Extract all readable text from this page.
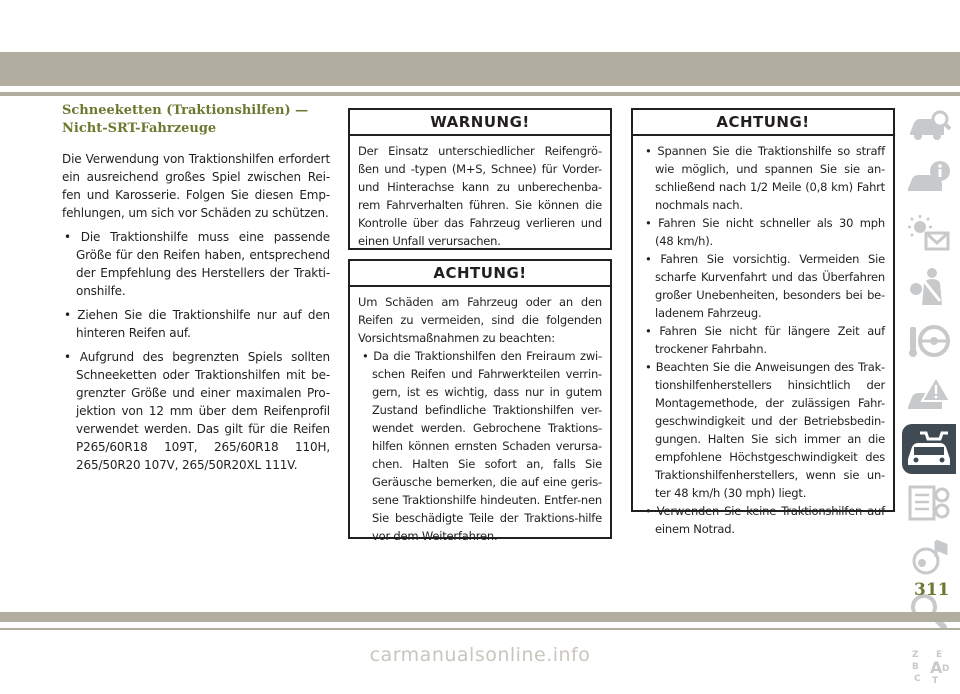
Schneeketten (Traktionshilfen) —
Nicht-SRT-Fahrzeuge

Die Verwendung von Traktionshilfen erfordert ein ausreichend großes Spiel zwischen Rei-fen und Karosserie. Folgen Sie diesen Emp-fehlungen, um sich vor Schäden zu schützen.

• Die Traktionshilfe muss eine passende Größe für den Reifen haben, entsprechend der Empfehlung des Herstellers der Trakti-onshilfe.
• Ziehen Sie die Traktionshilfe nur auf den hinteren Reifen auf.
• Aufgrund des begrenzten Spiels sollten Schneeketten oder Traktionshilfen mit be-grenzter Größe und einer maximalen Pro-jektion von 12 mm über dem Reifenprofil verwendet werden. Das gilt für die Reifen P265/60R18 109T, 265/60R18 110H, 265/50R20 107V, 265/50R20XL 111V.
WARNUNG!

Der Einsatz unterschiedlicher Reifengrö-ßen und -typen (M+S, Schnee) für Vorder- und Hinterachse kann zu unberechenba-rem Fahrverhalten führen. Sie können die Kontrolle über das Fahrzeug verlieren und einen Unfall verursachen.

ACHTUNG!

Um Schäden am Fahrzeug oder an den Reifen zu vermeiden, sind die folgenden Vorsichtsmaßnahmen zu beachten:

• Da die Traktionshilfen den Freiraum zwi-schen Reifen und Fahrwerkteilen verrin-gern, ist es wichtig, dass nur in gutem Zustand befindliche Traktionshilfen ver-wendet werden. Gebrochene Traktions-hilfen können ernsten Schaden verursa-chen. Halten Sie sofort an, falls Sie Geräusche bemerken, die auf eine geris-sene Traktionshilfe hindeuten. Entfer-nen Sie beschädigte Teile der Traktions-hilfe vor dem Weiterfahren.
ACHTUNG!
• Spannen Sie die Traktionshilfe so straff wie möglich, und spannen Sie sie an-schließend nach 1/2 Meile (0,8 km) Fahrt nochmals nach.
• Fahren Sie nicht schneller als 30 mph (48 km/h).
• Fahren Sie vorsichtig. Vermeiden Sie scharfe Kurvenfahrt und das Überfahren großer Unebenheiten, besonders bei be-ladenem Fahrzeug.
• Fahren Sie nicht für längere Zeit auf trockener Fahrbahn.
• Beachten Sie die Anweisungen des Trak-tionshilfenherstellers hinsichtlich der Montagemethode, der zulässigen Fahr-geschwindigkeit und der Betriebsbedin-gungen. Halten Sie sich immer an die empfohlene Höchstgeschwindigkeit des Traktionshilfenherstellers, wenn sie un-ter 48 km/h (30 mph) liegt.
• Verwenden Sie keine Traktionshilfen auf einem Notrad.
Z E
B A
C
D
T
311
carmanualsonline.info
